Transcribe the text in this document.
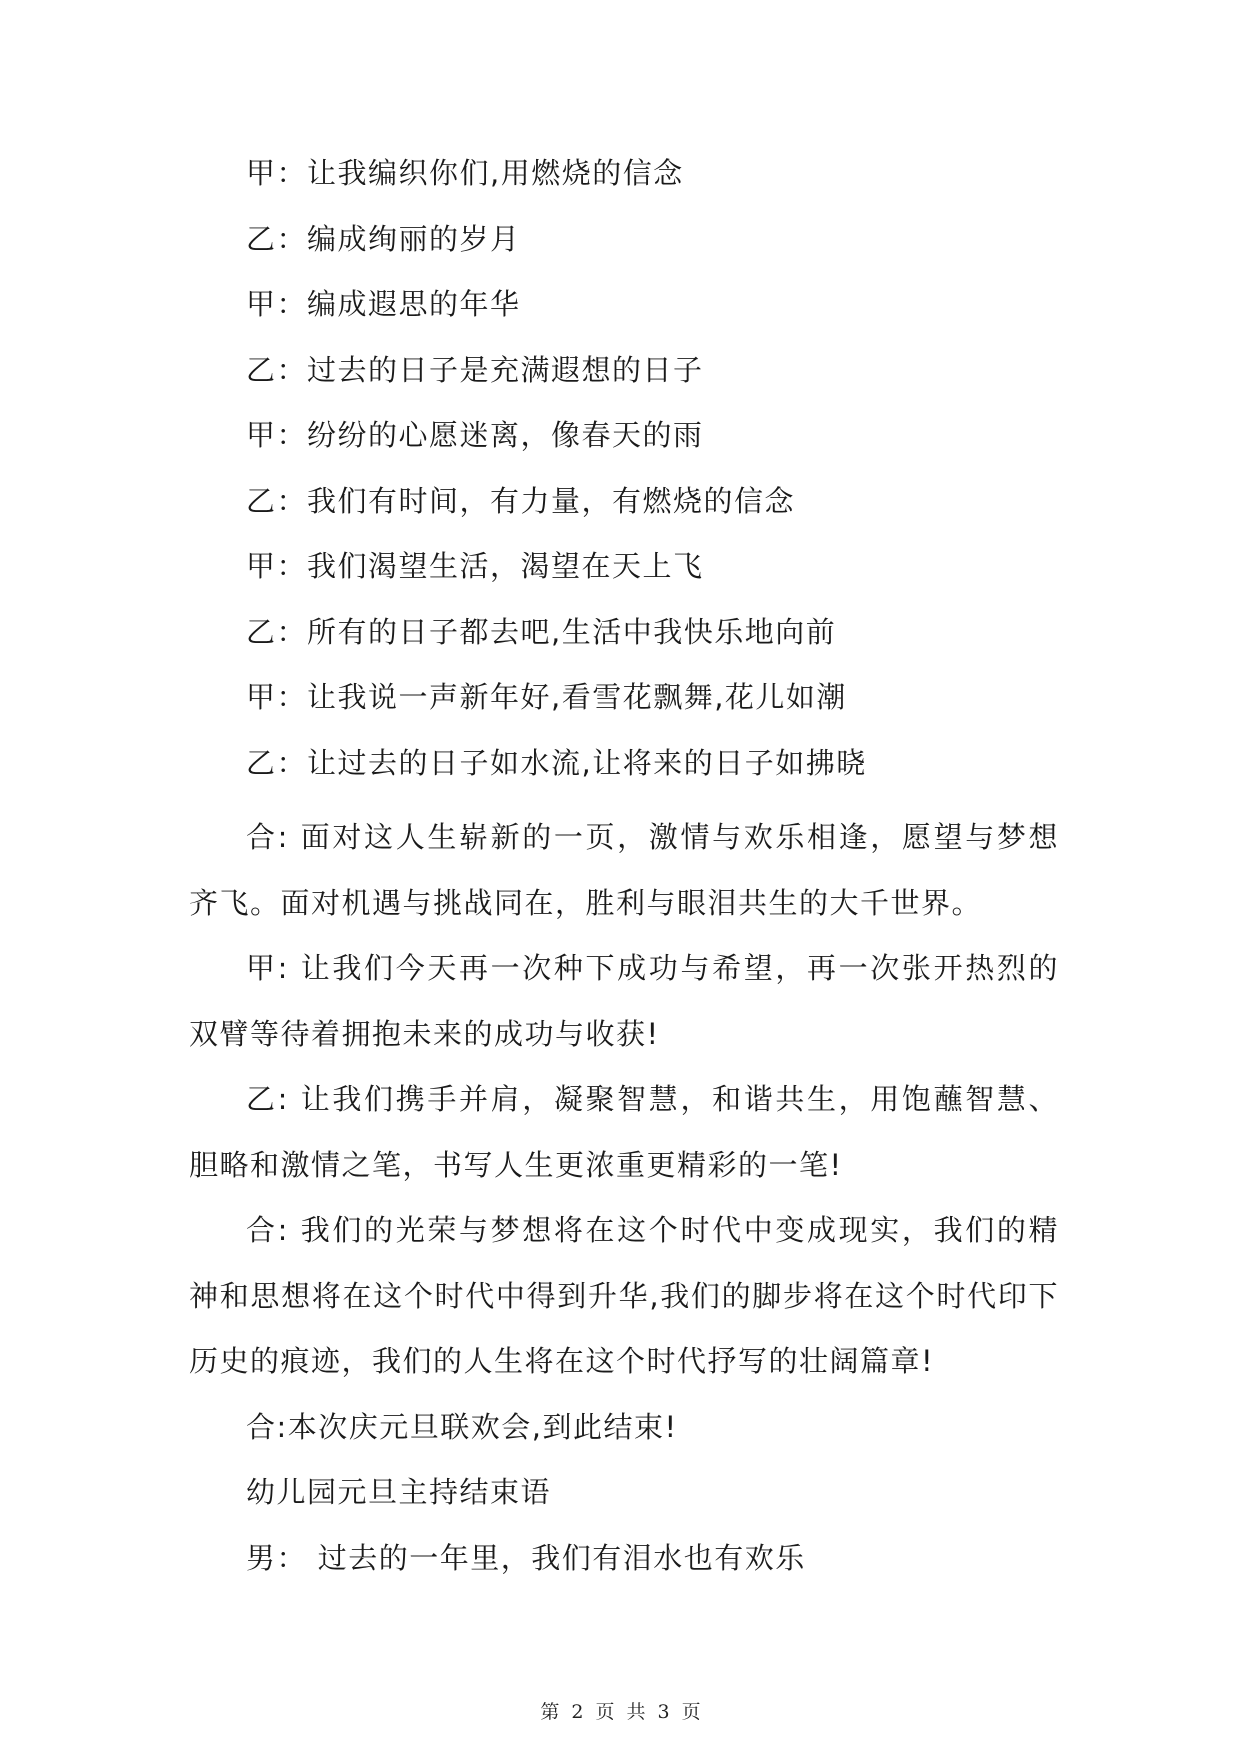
甲：让我编织你们,用燃烧的信念
乙：编成绚丽的岁月
甲：编成遐思的年华
乙：过去的日子是充满遐想的日子
甲：纷纷的心愿迷离，像春天的雨
乙：我们有时间，有力量，有燃烧的信念
甲：我们渴望生活，渴望在天上飞
乙：所有的日子都去吧,生活中我快乐地向前
甲：让我说一声新年好,看雪花飘舞,花儿如潮
乙：让过去的日子如水流,让将来的日子如拂晓

合: 面对这人生崭新的一页，激情与欢乐相逢，愿望与梦想齐飞。面对机遇与挑战同在，胜利与眼泪共生的大千世界。

甲: 让我们今天再一次种下成功与希望，再一次张开热烈的双臂等待着拥抱未来的成功与收获!

乙: 让我们携手并肩，凝聚智慧，和谐共生，用饱蘸智慧、胆略和激情之笔，书写人生更浓重更精彩的一笔!

合: 我们的光荣与梦想将在这个时代中变成现实，我们的精神和思想将在这个时代中得到升华,我们的脚步将在这个时代印下历史的痕迹，我们的人生将在这个时代抒写的壮阔篇章!

合:本次庆元旦联欢会,到此结束!

幼儿园元旦主持结束语

男： 过去的一年里，我们有泪水也有欢乐

第 2 页 共 3 页
